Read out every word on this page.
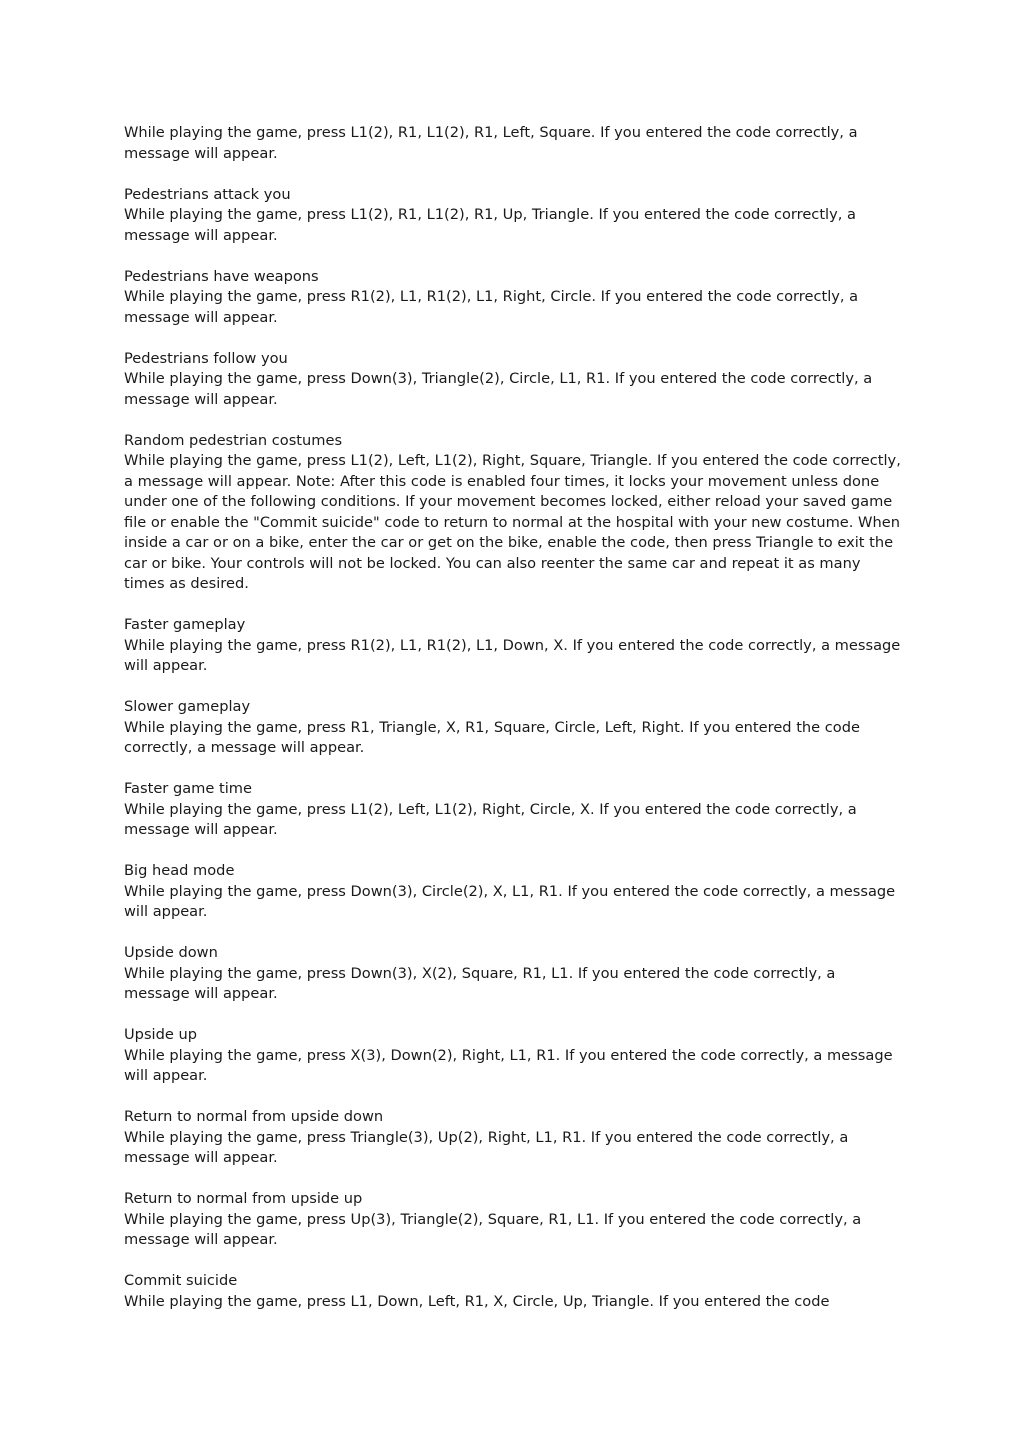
While playing the game, press L1(2), R1, L1(2), R1, Left, Square. If you entered the code correctly, a message will appear.
Pedestrians attack you
While playing the game, press L1(2), R1, L1(2), R1, Up, Triangle. If you entered the code correctly, a message will appear.
Pedestrians have weapons
While playing the game, press R1(2), L1, R1(2), L1, Right, Circle. If you entered the code correctly, a message will appear.
Pedestrians follow you
While playing the game, press Down(3), Triangle(2), Circle, L1, R1. If you entered the code correctly, a message will appear.
Random pedestrian costumes
While playing the game, press L1(2), Left, L1(2), Right, Square, Triangle. If you entered the code correctly, a message will appear. Note: After this code is enabled four times, it locks your movement unless done under one of the following conditions. If your movement becomes locked, either reload your saved game file or enable the "Commit suicide" code to return to normal at the hospital with your new costume. When inside a car or on a bike, enter the car or get on the bike, enable the code, then press Triangle to exit the car or bike. Your controls will not be locked. You can also reenter the same car and repeat it as many times as desired.
Faster gameplay
While playing the game, press R1(2), L1, R1(2), L1, Down, X. If you entered the code correctly, a message will appear.
Slower gameplay
While playing the game, press R1, Triangle, X, R1, Square, Circle, Left, Right. If you entered the code correctly, a message will appear.
Faster game time
While playing the game, press L1(2), Left, L1(2), Right, Circle, X. If you entered the code correctly, a message will appear.
Big head mode
While playing the game, press Down(3), Circle(2), X, L1, R1. If you entered the code correctly, a message will appear.
Upside down
While playing the game, press Down(3), X(2), Square, R1, L1. If you entered the code correctly, a message will appear.
Upside up
While playing the game, press X(3), Down(2), Right, L1, R1. If you entered the code correctly, a message will appear.
Return to normal from upside down
While playing the game, press Triangle(3), Up(2), Right, L1, R1. If you entered the code correctly, a message will appear.
Return to normal from upside up
While playing the game, press Up(3), Triangle(2), Square, R1, L1. If you entered the code correctly, a message will appear.
Commit suicide
While playing the game, press L1, Down, Left, R1, X, Circle, Up, Triangle. If you entered the code
